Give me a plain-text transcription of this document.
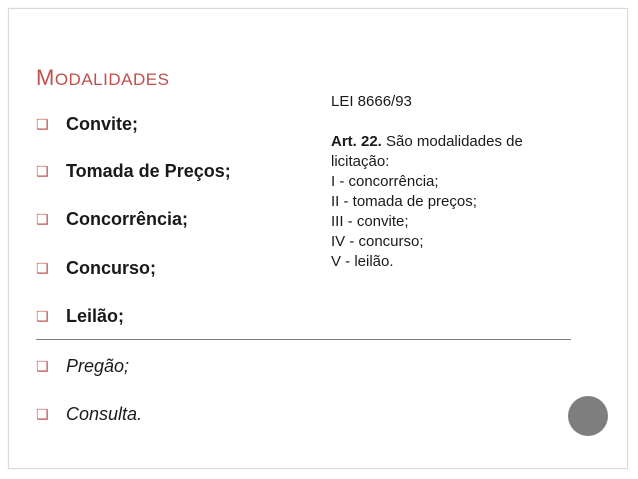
MODALIDADES
❑ Convite;
❑ Tomada de Preços;
❑ Concorrência;
❑ Concurso;
❑ Leilão;
❑ Pregão;
❑ Consulta.
LEI 8666/93
Art. 22. São modalidades de
licitação:
I - concorrência;
II - tomada de preços;
III - convite;
IV - concurso;
V - leilão.
